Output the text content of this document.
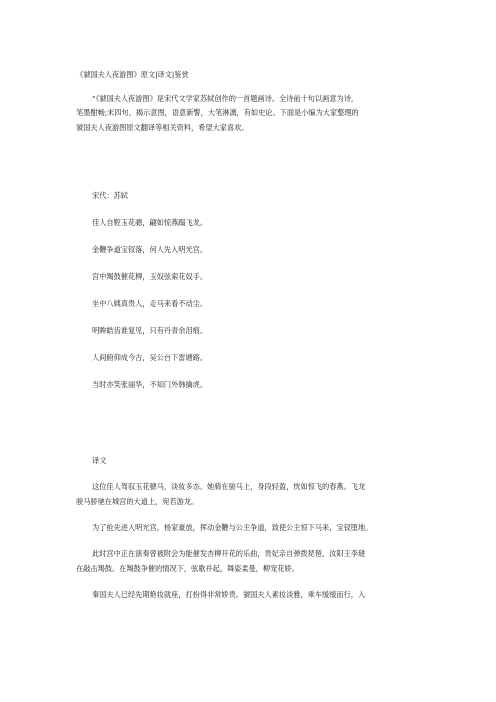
《虢国夫人夜游图》原文|译文|鉴赏

“《虢国夫人夜游图》是宋代文学家苏轼创作的一首题画诗。全诗前十句以画意为诗，
笔墨酣畅;末四句，揭示意图，语意新警，大笔淋漓，有如史论。下面是小编为大家整理的
虢国夫人夜游图原文翻译等相关资料，希望大家喜欢。

宋代：苏轼
佳人自鞚玉花骢，翩如惊燕蹋飞龙。
金鞭争道宝钗落，何人先入明光宫。
宫中羯鼓催花柳，玉奴弦索花奴手。
坐中八姨真贵人，走马来看不动尘。
明眸皓齿谁复见，只有丹青余泪痕。
人间俯仰成今古，吴公台下雷塘路。
当时亦笑张丽华，不知门外韩擒虎。
译文

这位佳人驾驭玉花骢马，淡妆多态。她骑在骏马上，身段轻盈，恍如惊飞的春燕。飞龙
骏马骄驰在城宫的大道上，宛若游龙。

为了抢先进入明光宫，杨家豪放，挥动金鞭与公主争道，致使公主惊下马来，宝钗堕地。

此时宫中正在演奏曾被附会为能催发杏柳开花的乐曲，贵妃亲自弹拨琵琶，汝阳王李琎
在敲击羯鼓。在羯鼓争催的情况下，弦歌并起，舞姿柔曼，柳宠花娇。

秦国夫人已经先期艳妆就座，打扮得非常娇贵。虢国夫人素妆淡雅，乘车缓缓而行，入
